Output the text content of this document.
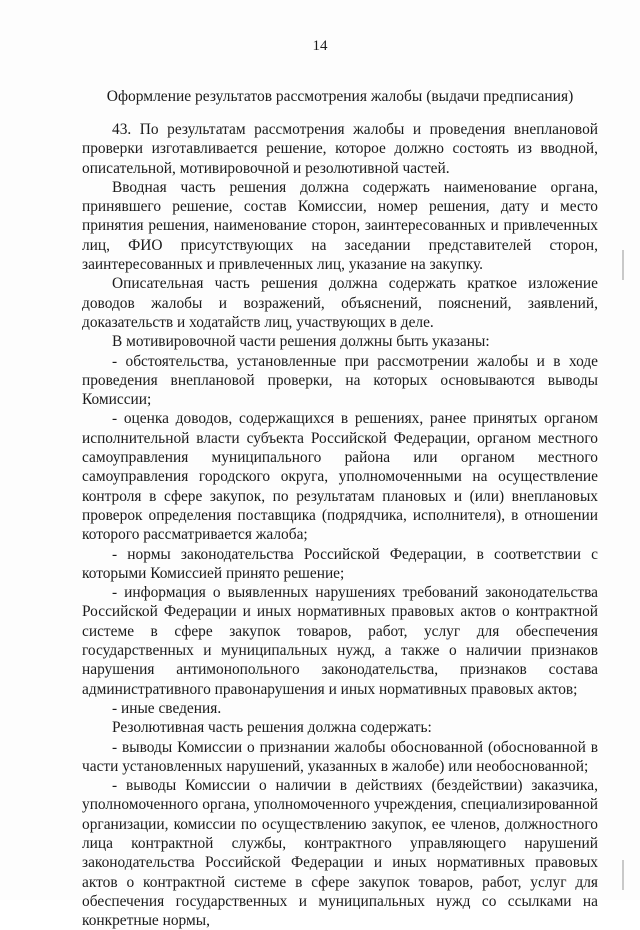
14
Оформление результатов рассмотрения жалобы (выдачи предписания)

43. По результатам рассмотрения жалобы и проведения внеплановой проверки изготавливается решение, которое должно состоять из вводной, описательной, мотивировочной и резолютивной частей.

Вводная часть решения должна содержать наименование органа, принявшего решение, состав Комиссии, номер решения, дату и место принятия решения, наименование сторон, заинтересованных и привлеченных лиц, ФИО присутствующих на заседании представителей сторон, заинтересованных и привлеченных лиц, указание на закупку.

Описательная часть решения должна содержать краткое изложение доводов жалобы и возражений, объяснений, пояснений, заявлений, доказательств и ходатайств лиц, участвующих в деле.

В мотивировочной части решения должны быть указаны:

- обстоятельства, установленные при рассмотрении жалобы и в ходе проведения внеплановой проверки, на которых основываются выводы Комиссии;

- оценка доводов, содержащихся в решениях, ранее принятых органом исполнительной власти субъекта Российской Федерации, органом местного самоуправления муниципального района или органом местного самоуправления городского округа, уполномоченными на осуществление контроля в сфере закупок, по результатам плановых и (или) внеплановых проверок определения поставщика (подрядчика, исполнителя), в отношении которого рассматривается жалоба;

- нормы законодательства Российской Федерации, в соответствии с которыми Комиссией принято решение;

- информация о выявленных нарушениях требований законодательства Российской Федерации и иных нормативных правовых актов о контрактной системе в сфере закупок товаров, работ, услуг для обеспечения государственных и муниципальных нужд, а также о наличии признаков нарушения антимонопольного законодательства, признаков состава административного правонарушения и иных нормативных правовых актов;

- иные сведения.

Резолютивная часть решения должна содержать:

- выводы Комиссии о признании жалобы обоснованной (обоснованной в части установленных нарушений, указанных в жалобе) или необоснованной;

- выводы Комиссии о наличии в действиях (бездействии) заказчика, уполномоченного органа, уполномоченного учреждения, специализированной организации, комиссии по осуществлению закупок, ее членов, должностного лица контрактной службы, контрактного управляющего нарушений законодательства Российской Федерации и иных нормативных правовых актов о контрактной системе в сфере закупок товаров, работ, услуг для обеспечения государственных и муниципальных нужд со ссылками на конкретные нормы,
